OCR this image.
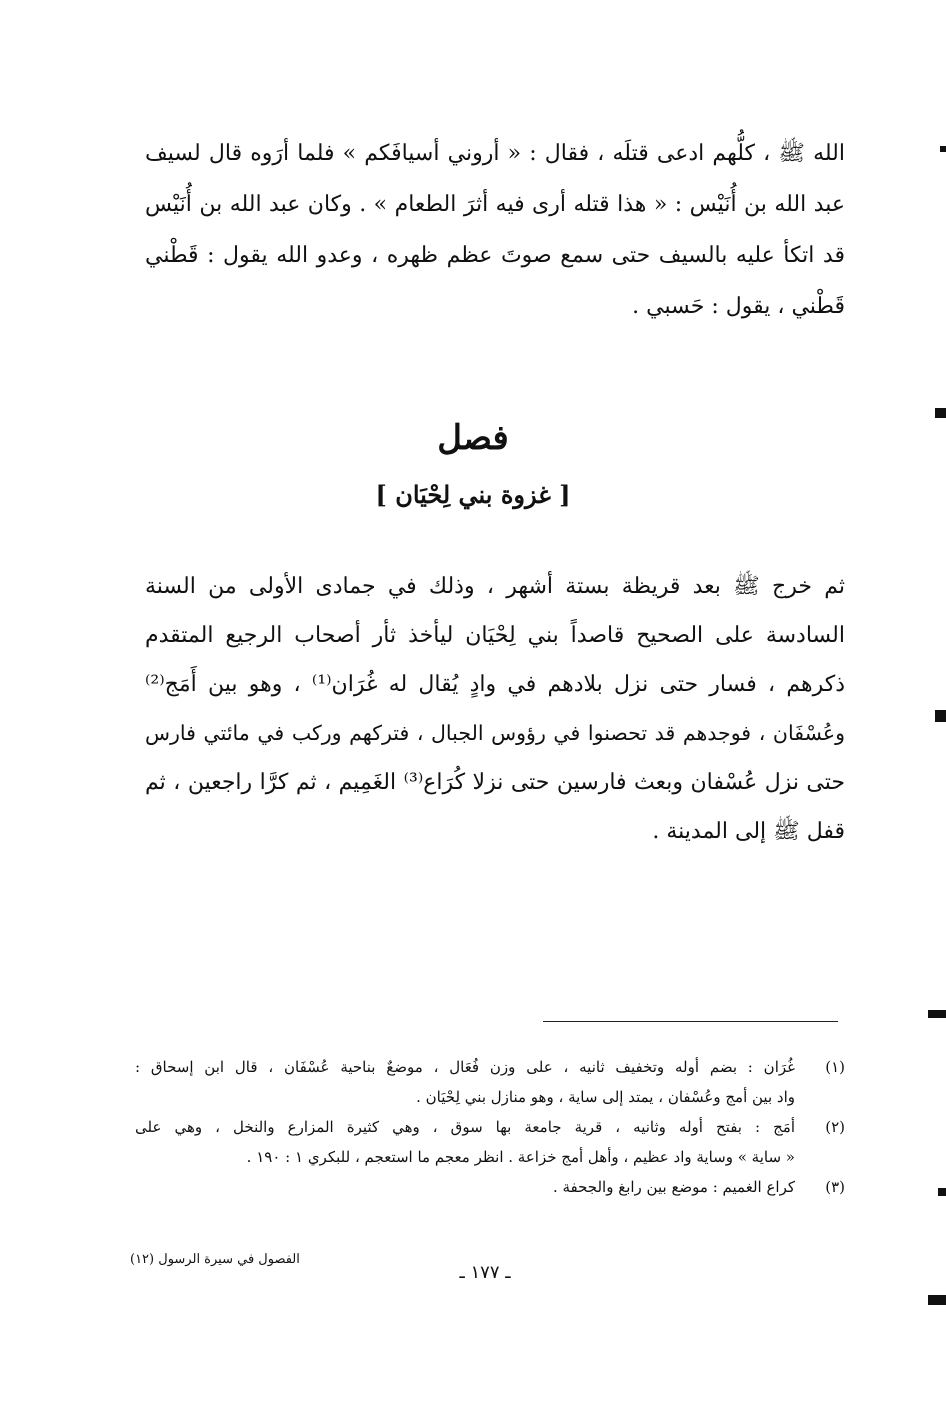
الله ﷺ ، كلُّهم ادعى قتلَه ، فقال : « أروني أسيافَكم » فلما أرَوه قال لسيف
عبد الله بن أُنَيْس : « هذا قتله أرى فيه أثرَ الطعام » . وكان عبد الله بن أُنَيْس
قد اتكأ عليه بالسيف حتى سمع صوتَ عظم ظهره ، وعدو الله يقول : قَطْني
قَطْني ، يقول : حَسبي .
فصل
[ غزوة بني لِحْيَان ]
ثم خرج ﷺ بعد قريظة بستة أشهر ، وذلك في جمادى الأولى من السنة
السادسة على الصحيح قاصداً بني لِحْيَان ليأخذ ثأر أصحاب الرجيع المتقدم
ذكرهم ، فسار حتى نزل بلادهم في وادٍ يُقال له غُرَان⁽¹⁾ ، وهو بين أَمَج⁽²⁾
وعُسْفَان ، فوجدهم قد تحصنوا في رؤوس الجبال ، فتركهم وركب في مائتي فارس
حتى نزل عُسْفان وبعث فارسين حتى نزلا كُرَاع⁽³⁾ الغَمِيم ، ثم كرَّا راجعين ، ثم
قفل ﷺ إلى المدينة .
(١)
غُرَان : بضم أوله وتخفيف ثانيه ، على وزن فُعَال ، موضعٌ بناحية عُسْفَان ، قال ابن إسحاق :
واد بين أمج وعُسْفان ، يمتد إلى ساية ، وهو منازل بني لِحْيَان .
(٢)
أمَج : بفتح أوله وثانيه ، قرية جامعة بها سوق ، وهي كثيرة المزارع والنخل ، وهي على
« ساية » وساية واد عظيم ، وأهل أمج خزاعة . انظر معجم ما استعجم ، للبكري ١ : ١٩٠ .
(٣)
كراع الغميم : موضع بين رابغ والجحفة .
ـ ١٧٧ ـ
الفصول في سيرة الرسول (١٢)
